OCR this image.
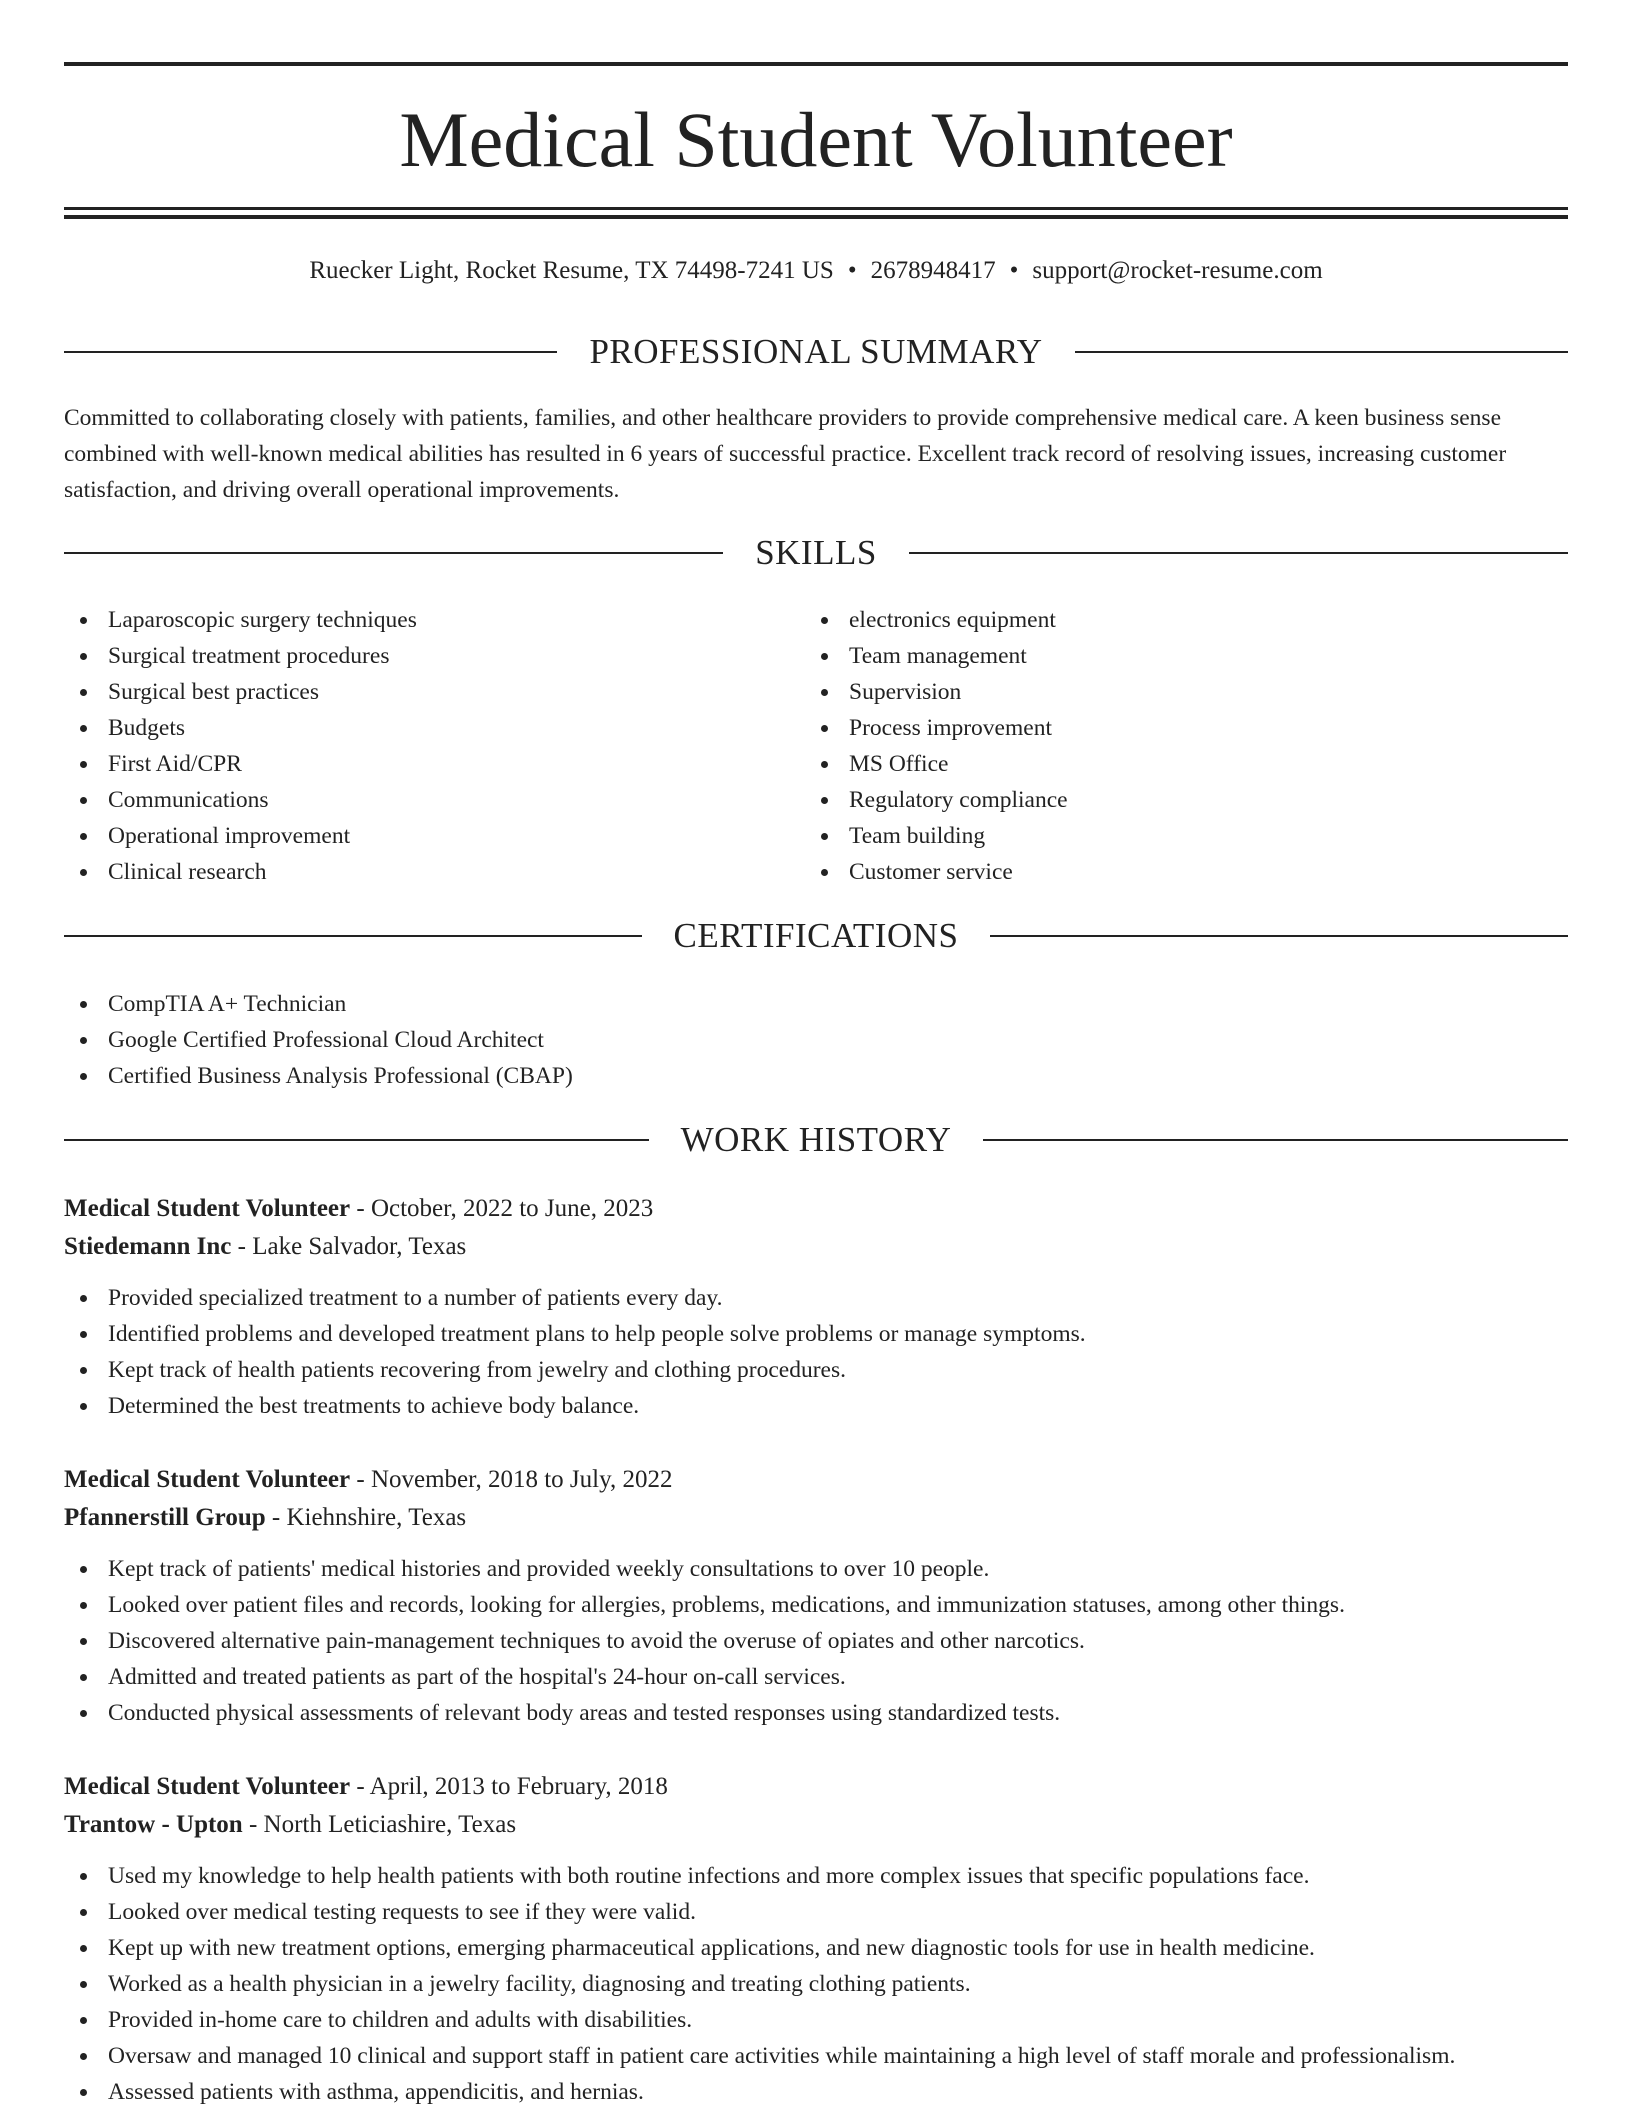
Medical Student Volunteer
Ruecker Light, Rocket Resume, TX 74498-7241 US • 2678948417 • support@rocket-resume.com
PROFESSIONAL SUMMARY

Committed to collaborating closely with patients, families, and other healthcare providers to provide comprehensive medical care. A keen business sense combined with well-known medical abilities has resulted in 6 years of successful practice. Excellent track record of resolving issues, increasing customer satisfaction, and driving overall operational improvements.

SKILLS
Laparoscopic surgery techniques
Surgical treatment procedures
Surgical best practices
Budgets
First Aid/CPR
Communications
Operational improvement
Clinical research
electronics equipment
Team management
Supervision
Process improvement
MS Office
Regulatory compliance
Team building
Customer service
CERTIFICATIONS
CompTIA A+ Technician
Google Certified Professional Cloud Architect
Certified Business Analysis Professional (CBAP)
WORK HISTORY
Medical Student Volunteer - October, 2022 to June, 2023
Stiedemann Inc - Lake Salvador, Texas
Provided specialized treatment to a number of patients every day.
Identified problems and developed treatment plans to help people solve problems or manage symptoms.
Kept track of health patients recovering from jewelry and clothing procedures.
Determined the best treatments to achieve body balance.
Medical Student Volunteer - November, 2018 to July, 2022
Pfannerstill Group - Kiehnshire, Texas
Kept track of patients' medical histories and provided weekly consultations to over 10 people.
Looked over patient files and records, looking for allergies, problems, medications, and immunization statuses, among other things.
Discovered alternative pain-management techniques to avoid the overuse of opiates and other narcotics.
Admitted and treated patients as part of the hospital's 24-hour on-call services.
Conducted physical assessments of relevant body areas and tested responses using standardized tests.
Medical Student Volunteer - April, 2013 to February, 2018
Trantow - Upton - North Leticiashire, Texas
Used my knowledge to help health patients with both routine infections and more complex issues that specific populations face.
Looked over medical testing requests to see if they were valid.
Kept up with new treatment options, emerging pharmaceutical applications, and new diagnostic tools for use in health medicine.
Worked as a health physician in a jewelry facility, diagnosing and treating clothing patients.
Provided in-home care to children and adults with disabilities.
Oversaw and managed 10 clinical and support staff in patient care activities while maintaining a high level of staff morale and professionalism.
Assessed patients with asthma, appendicitis, and hernias.
